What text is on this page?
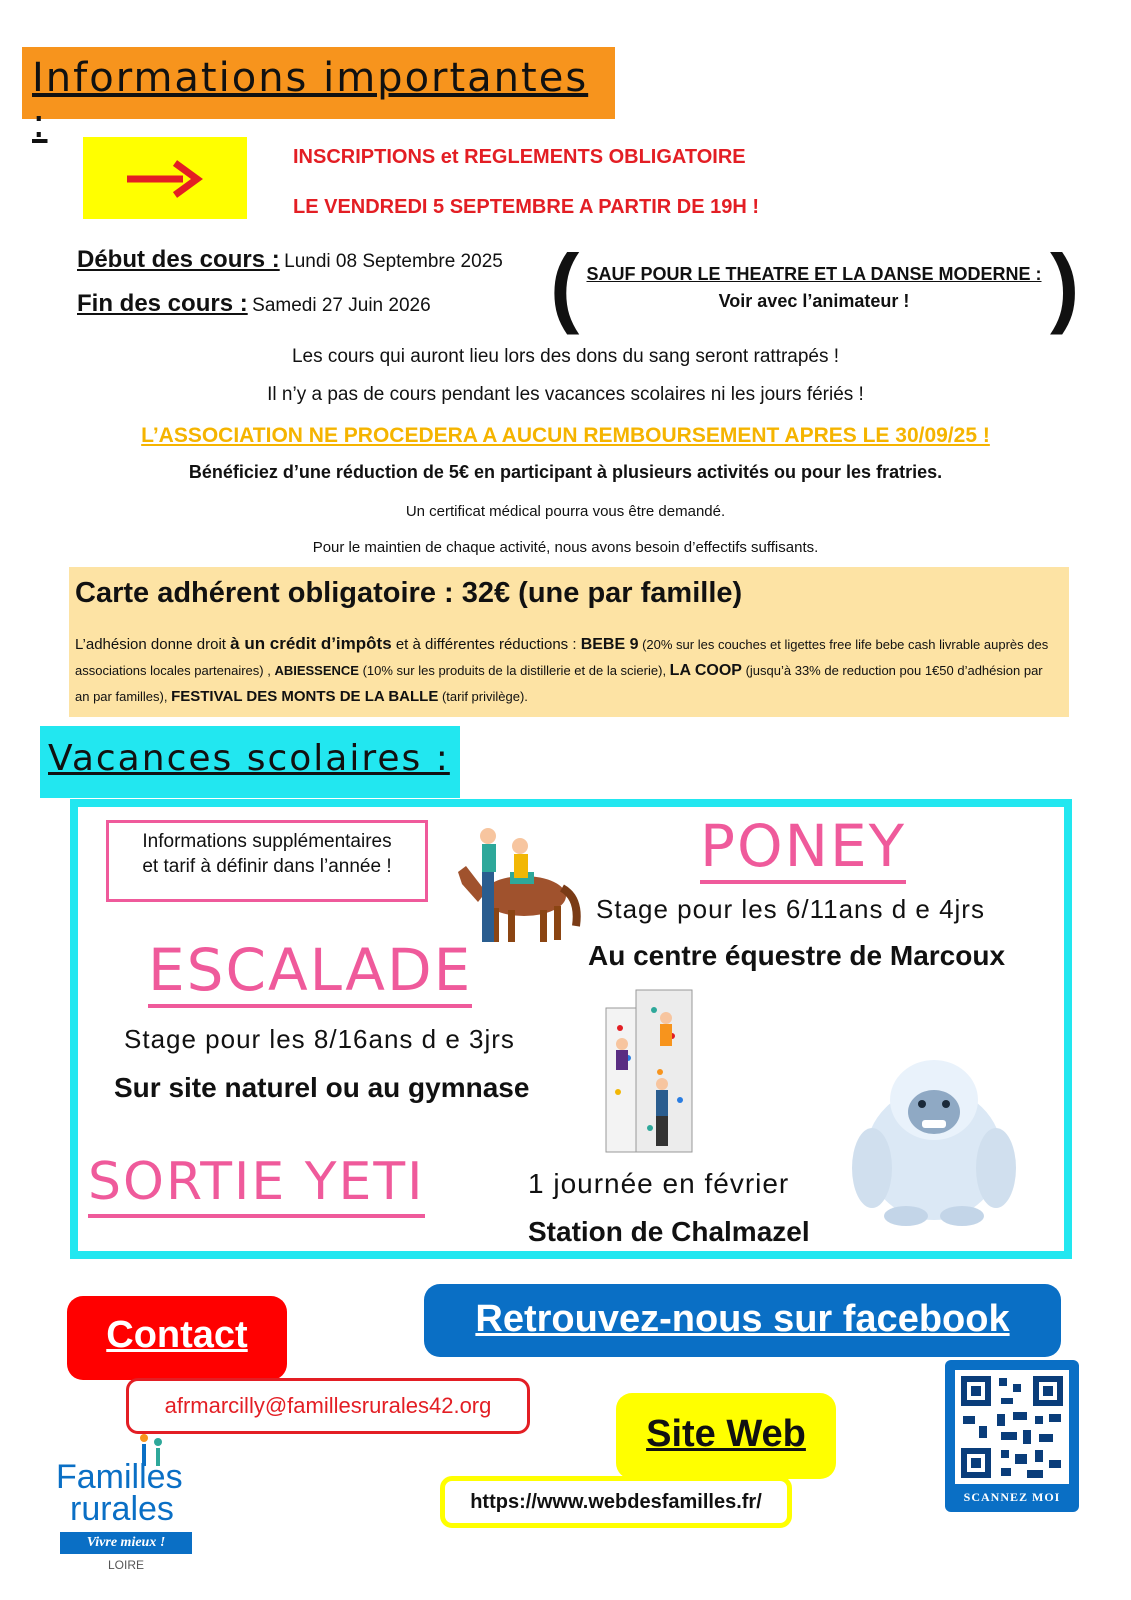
Informations importantes :
INSCRIPTIONS et REGLEMENTS OBLIGATOIRE
LE VENDREDI 5 SEPTEMBRE A PARTIR DE 19H !
Début des cours : Lundi 08 Septembre 2025
Fin des cours : Samedi 27 Juin 2026 (	)
SAUF POUR LE THEATRE ET LA DANSE MODERNE :
Voir avec l’animateur !
Les cours qui auront lieu lors des dons du sang seront rattrapés !
Il n’y a pas de cours pendant les vacances scolaires ni les jours fériés !
L’ASSOCIATION NE PROCEDERA A AUCUN REMBOURSEMENT APRES LE 30/09/25 !
Bénéficiez d’une réduction de 5€ en participant à plusieurs activités ou pour les fratries.
Un certificat médical pourra vous être demandé.
Pour le maintien de chaque activité, nous avons besoin d’effectifs suffisants.
Carte adhérent obligatoire : 32€ (une par famille)
L’adhésion donne droit à un crédit d’impôts et à différentes réductions : BEBE 9 (20% sur les couches et ligettes free life bebe cash livrable auprès des associations locales partenaires) , ABIESSENCE (10% sur les produits de la distillerie et de la scierie), LA COOP (jusqu’à 33% de reduction pou 1€50 d’adhésion par an par familles), FESTIVAL DES MONTS DE LA BALLE (tarif privilège).
Vacances scolaires :
Informations supplémentaires
et tarif à définir dans l’année !	PONEY
Stage pour les 6/11ans d e 4jrs
Au centre équestre de Marcoux
ESCALADE
Stage pour les 8/16ans d e 3jrs
Sur site naturel ou au gymnase
SORTIE YETI	1 journée en février
Station de Chalmazel
Contact
afrmarcilly@famillesrurales42.org
Retrouvez-nous sur facebook
Site Web
https://www.webdesfamilles.fr/	SCANNEZ MOI
Familles
rurales
Vivre mieux !
LOIRE
